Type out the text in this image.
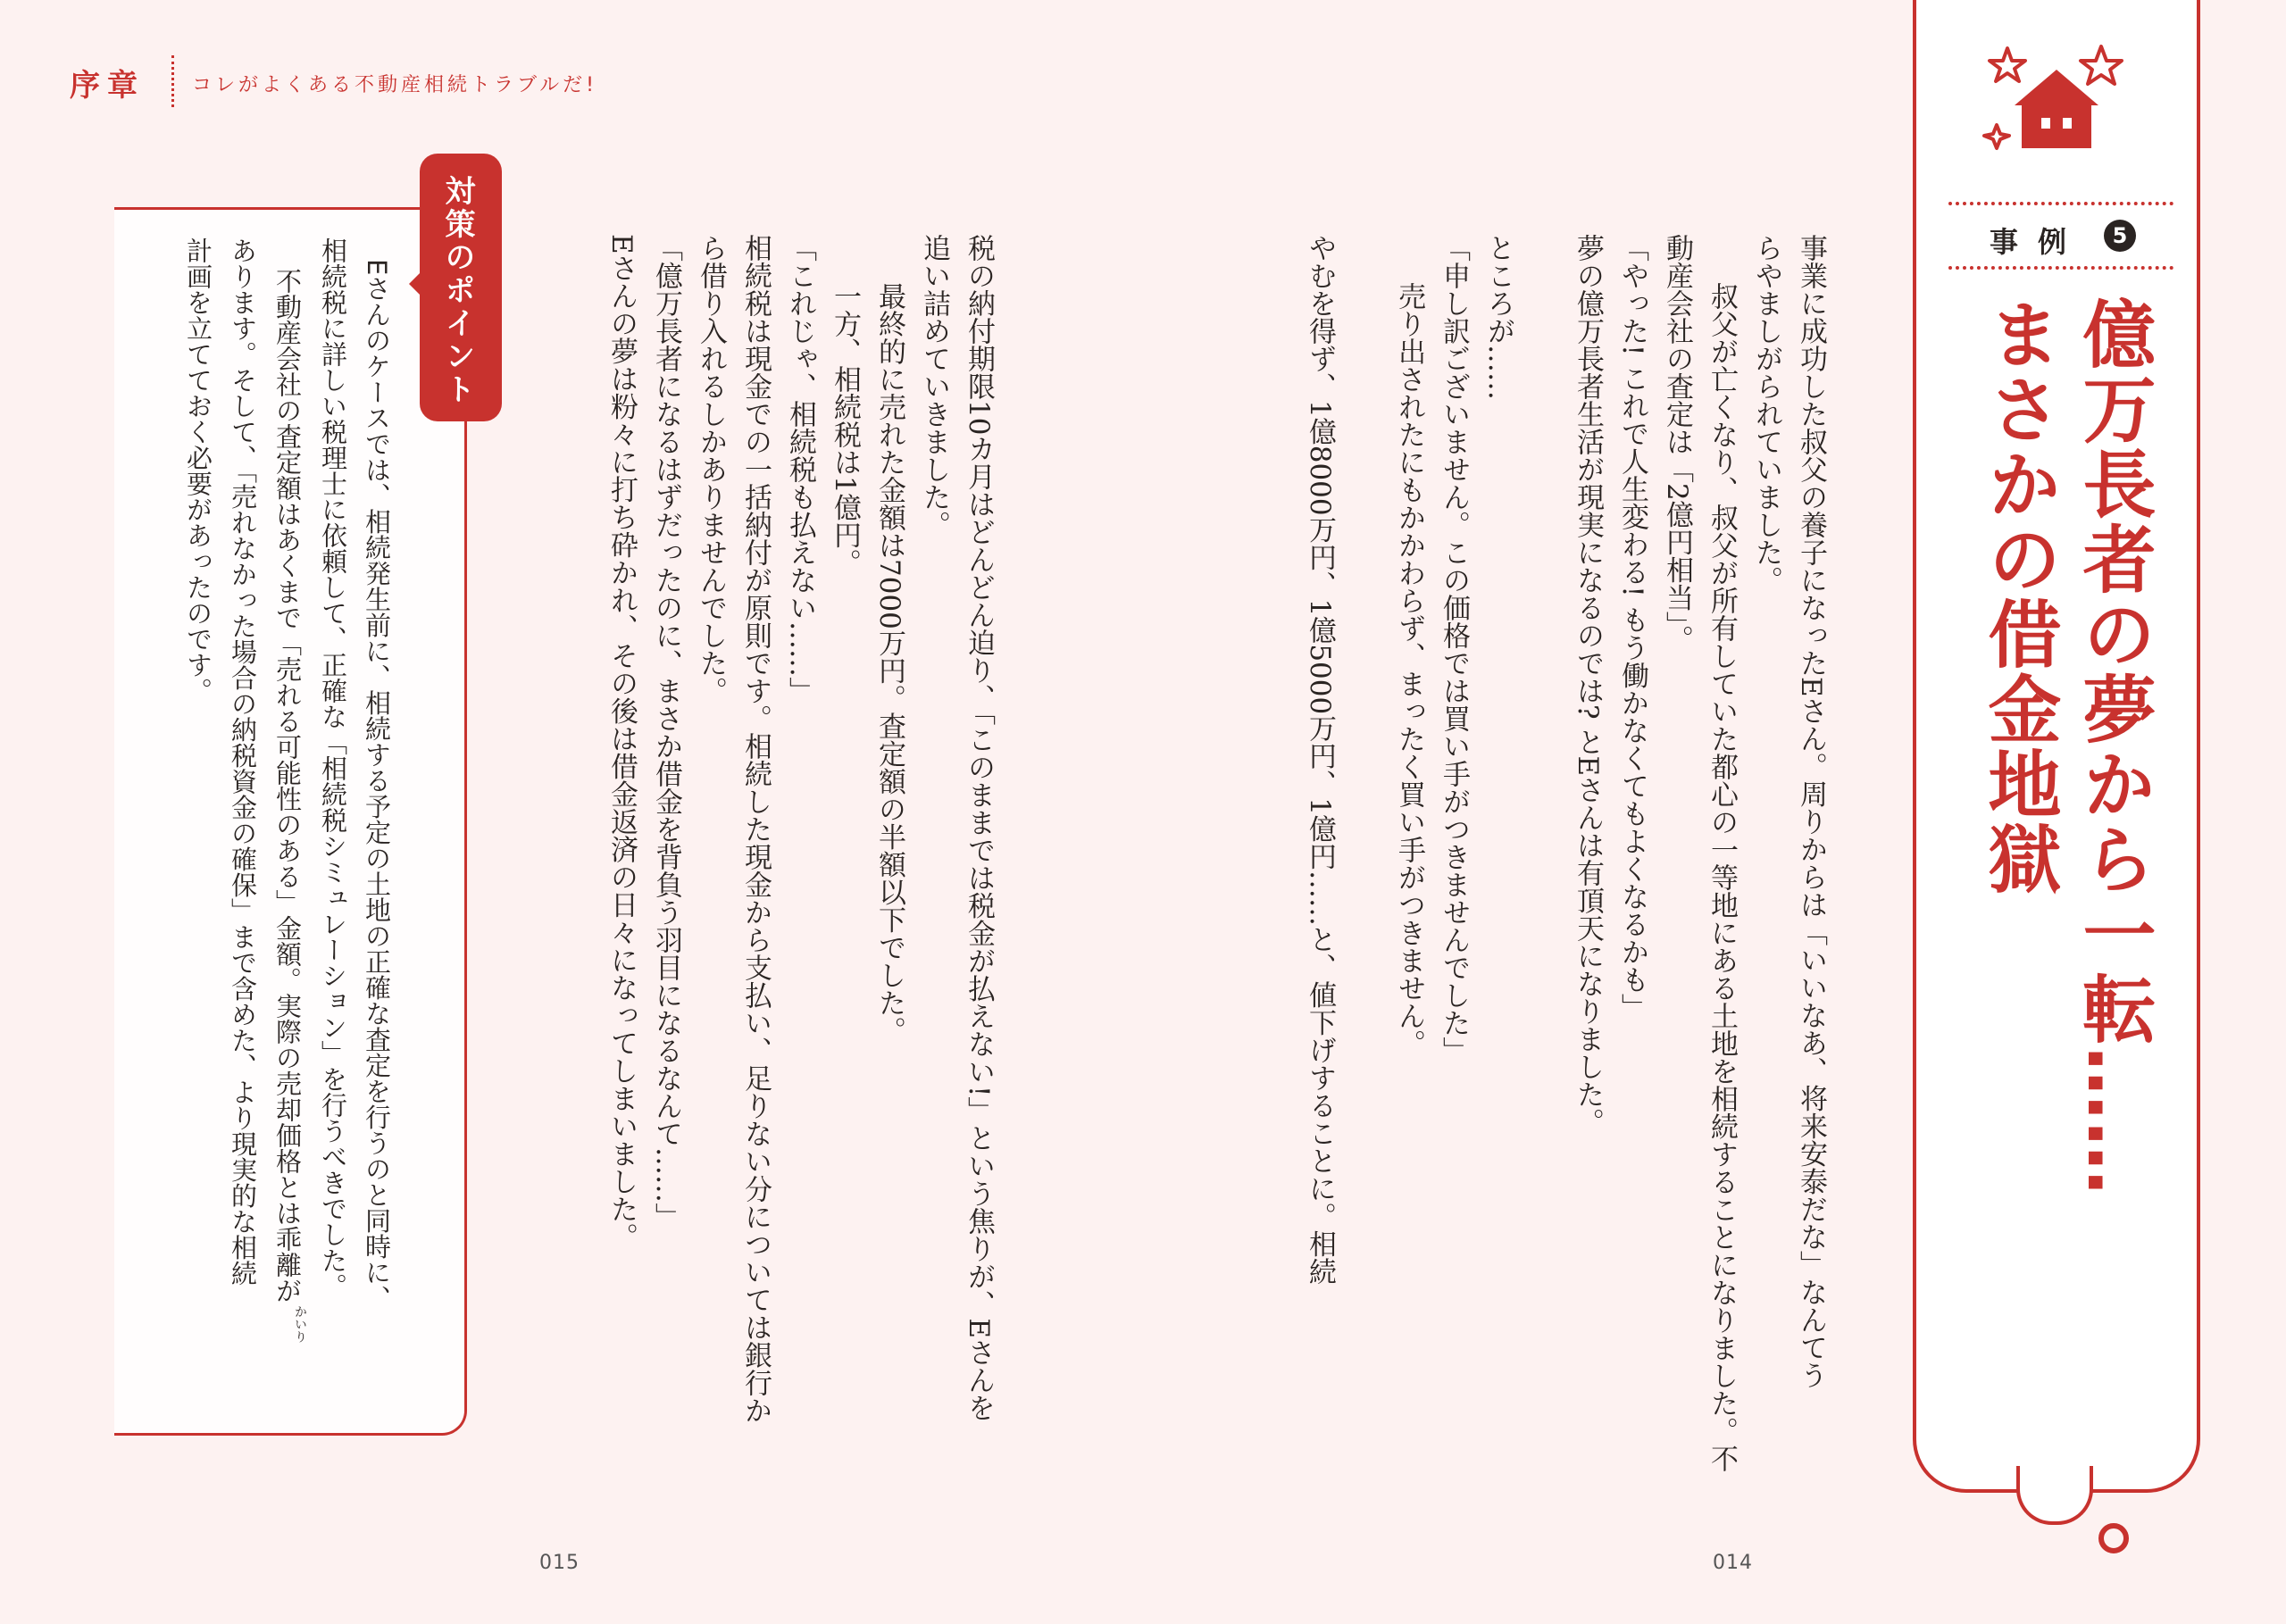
序章 コレがよくある不動産相続トラブルだ!
対策のポイント
Eさんのケースでは、相続発生前に、相続する予定の土地の正確な査定を行うのと同時に、
相続税に詳しい税理士に依頼して、正確な「相続税シミュレーション」を行うべきでした。
不動産会社の査定額はあくまで「売れる可能性のある」金額。実際の売却価格とは乖離が
あります。そして、「売れなかった場合の納税資金の確保」まで含めた、より現実的な相続
計画を立てておく必要があったのです。
かいり	税の納付期限10カ月はどんどん迫り、「このままでは税金が払えない!」という焦りが、Eさんを
追い詰めていきました。
最終的に売れた金額は7000万円。査定額の半額以下でした。
一方、相続税は1億円。
「これじゃ、相続税も払えない……」
相続税は現金での一括納付が原則です。相続した現金から支払い、足りない分については銀行か
ら借り入れるしかありませんでした。
「億万長者になるはずだったのに、まさか借金を背負う羽目になるなんて……」
Eさんの夢は粉々に打ち砕かれ、その後は借金返済の日々になってしまいました。	事業に成功した叔父の養子になったEさん。周りからは「いいなあ、将来安泰だな」なんてう
らやましがられていました。
叔父が亡くなり、叔父が所有していた都心の一等地にある土地を相続することになりました。不
動産会社の査定は「2億円相当」。
「やった! これで人生変わる! もう働かなくてもよくなるかも」
夢の億万長者生活が現実になるのでは? とEさんは有頂天になりました。
ところが……
「申し訳ございません。この価格では買い手がつきませんでした」
売り出されたにもかかわらず、まったく買い手がつきません。
やむを得ず、1億8000万円、1億5000万円、1億円……と、値下げすることに。相続
015	014
事例	5
億万長者の夢から一転……
まさかの借金地獄
